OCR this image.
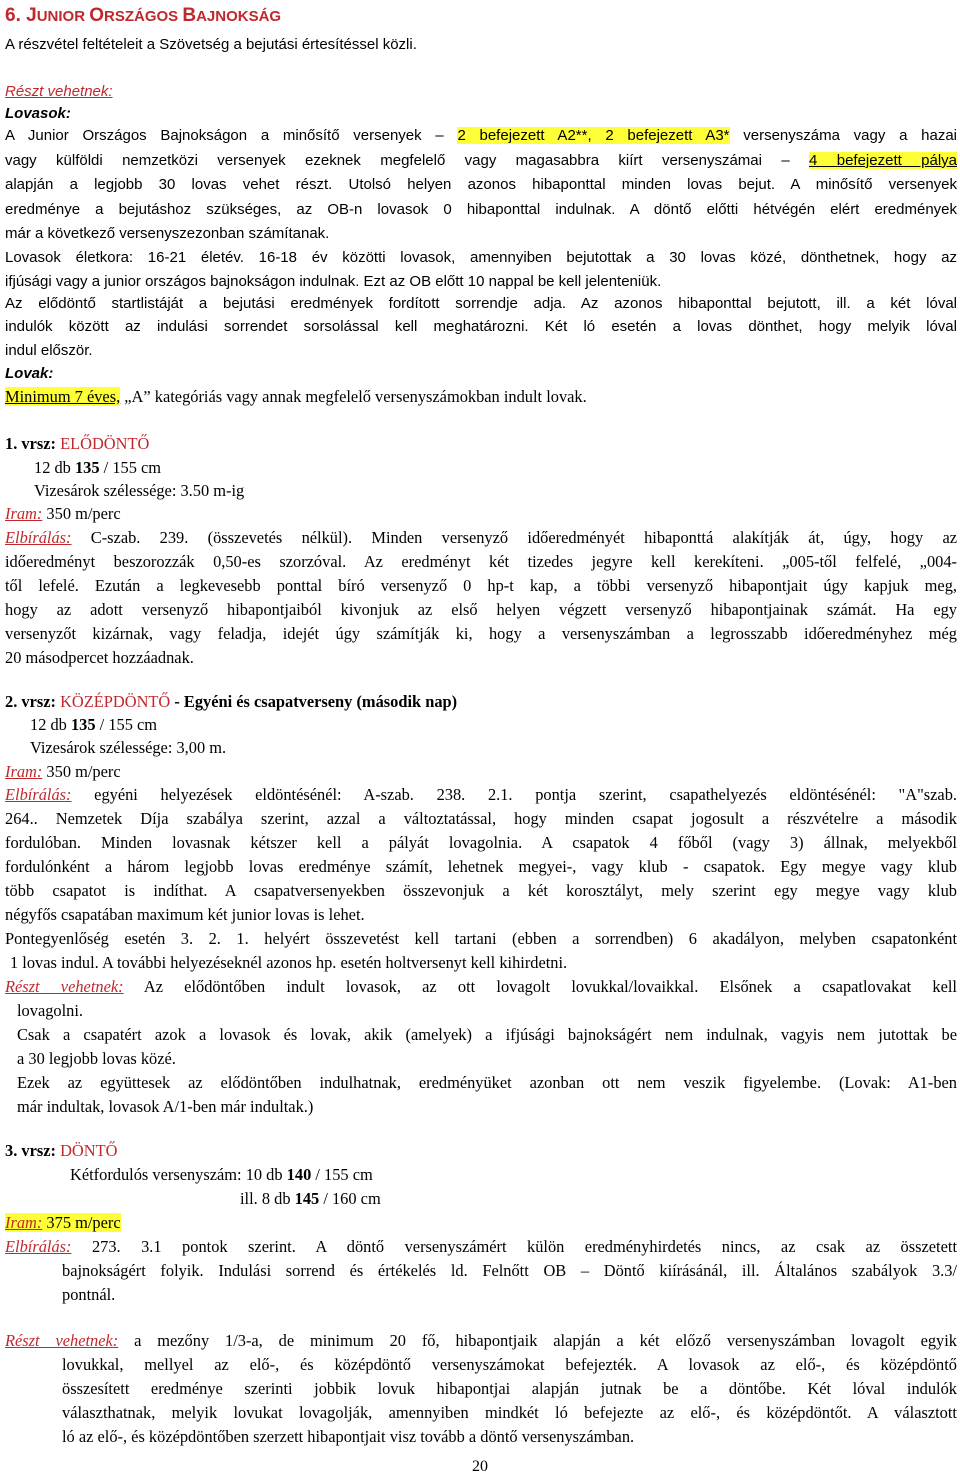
6. JUNIOR ORSZÁGOS BAJNOKSÁG
A részvétel feltételeit a Szövetség a bejutási értesítéssel közli.
Részt vehetnek:
Lovasok:
A Junior Országos Bajnokságon a minősítő versenyek – 2 befejezett A2**, 2 befejezett A3* versenyszáma vagy a hazai
vagy külföldi nemzetközi versenyek ezeknek megfelelő vagy magasabbra kiírt versenyszámai – 4 befejezett pálya
alapján a legjobb 30 lovas vehet részt. Utolsó helyen azonos hibaponttal minden lovas bejut. A minősítő versenyek
eredménye a bejutáshoz szükséges, az OB-n lovasok 0 hibaponttal indulnak. A döntő előtti hétvégén elért eredmények
már a következő versenyszezonban számítanak.
Lovasok életkora: 16-21 életév. 16-18 év közötti lovasok, amennyiben bejutottak a 30 lovas közé, dönthetnek, hogy az
ifjúsági vagy a junior országos bajnokságon indulnak. Ezt az OB előtt 10 nappal be kell jelenteniük.
Az elődöntő startlistáját a bejutási eredmények fordított sorrendje adja. Az azonos hibaponttal bejutott, ill. a két lóval
indulók között az indulási sorrendet sorsolással kell meghatározni. Két ló esetén a lovas dönthet, hogy melyik lóval
indul először.
Lovak:
Minimum 7 éves, „A” kategóriás vagy annak megfelelő versenyszámokban indult lovak.
1. vrsz: ELŐDÖNTŐ
12 db 135 / 155 cm
Vizesárok szélessége: 3.50 m-ig
Iram: 350 m/perc
Elbírálás: C-szab. 239. (összevetés nélkül). Minden versenyző időeredményét hibaponttá alakítják át, úgy, hogy az
időeredményt beszorozzák 0,50-es szorzóval. Az eredményt két tizedes jegyre kell kerekíteni. „005-től felfelé, „004-
től lefelé. Ezután a legkevesebb ponttal bíró versenyző 0 hp-t kap, a többi versenyző hibapontjait úgy kapjuk meg,
hogy az adott versenyző hibapontjaiból kivonjuk az első helyen végzett versenyző hibapontjainak számát. Ha egy
versenyzőt kizárnak, vagy feladja, idejét úgy számítják ki, hogy a versenyszámban a legrosszabb időeredményhez még
20 másodpercet hozzáadnak.
2. vrsz: KÖZÉPDÖNTŐ - Egyéni és csapatverseny (második nap)
12 db 135 / 155 cm
Vizesárok szélessége: 3,00 m.
Iram: 350 m/perc
Elbírálás: egyéni helyezések eldöntésénél: A-szab. 238. 2.1. pontja szerint, csapathelyezés eldöntésénél: "A"szab.
264.. Nemzetek Díja szabálya szerint, azzal a változtatással, hogy minden csapat jogosult a részvételre a második
fordulóban. Minden lovasnak kétszer kell a pályát lovagolnia. A csapatok 4 főből (vagy 3) állnak, melyekből
fordulónként a három legjobb lovas eredménye számít, lehetnek megyei-, vagy klub - csapatok. Egy megye vagy klub
több csapatot is indíthat. A csapatversenyekben összevonjuk a két korosztályt, mely szerint egy megye vagy klub
négyfős csapatában maximum két junior lovas is lehet.
Pontegyenlőség esetén 3. 2. 1. helyért összevetést kell tartani (ebben a sorrendben) 6 akadályon, melyben csapatonként
1 lovas indul. A további helyezéseknél azonos hp. esetén holtversenyt kell kihirdetni.
Részt vehetnek: Az elődöntőben indult lovasok, az ott lovagolt lovukkal/lovaikkal. Elsőnek a csapatlovakat kell
lovagolni.
Csak a csapatért azok a lovasok és lovak, akik (amelyek) a ifjúsági bajnokságért nem indulnak, vagyis nem jutottak be
a 30 legjobb lovas közé.
Ezek az együttesek az elődöntőben indulhatnak, eredményüket azonban ott nem veszik figyelembe. (Lovak: A1-ben
már indultak, lovasok A/1-ben már indultak.)
3. vrsz: DÖNTŐ
Kétfordulós versenyszám: 10 db 140 / 155 cm
ill. 8 db 145 / 160 cm
Iram: 375 m/perc
Elbírálás: 273. 3.1 pontok szerint. A döntő versenyszámért külön eredményhirdetés nincs, az csak az összetett
bajnokságért folyik. Indulási sorrend és értékelés ld. Felnőtt OB – Döntő kiírásánál, ill. Általános szabályok 3.3/
pontnál.
Részt vehetnek: a mezőny 1/3-a, de minimum 20 fő, hibapontjaik alapján a két előző versenyszámban lovagolt egyik
lovukkal, mellyel az elő-, és középdöntő versenyszámokat befejezték. A lovasok az elő-, és középdöntő
összesített eredménye szerinti jobbik lovuk hibapontjai alapján jutnak be a döntőbe. Két lóval indulók
választhatnak, melyik lovukat lovagolják, amennyiben mindkét ló befejezte az elő-, és középdöntőt. A választott
ló az elő-, és középdöntőben szerzett hibapontjait visz tovább a döntő versenyszámban.
20
